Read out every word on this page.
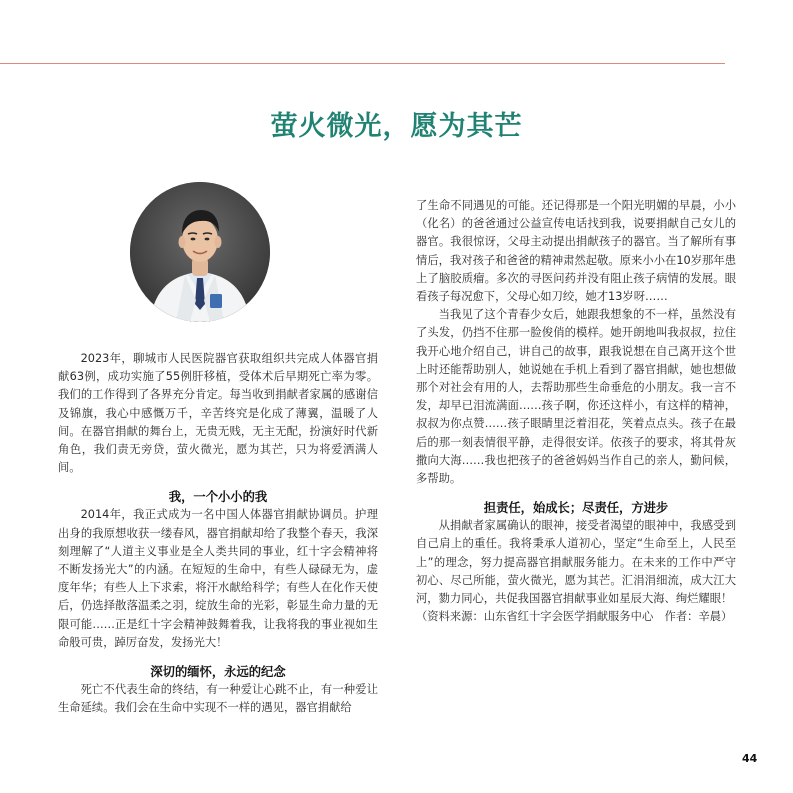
萤火微光，愿为其芒

2023年，聊城市人民医院器官获取组织共完成人体器官捐献63例，成功实施了55例肝移植，受体术后早期死亡率为零。我们的工作得到了各界充分肯定。每当收到捐献者家属的感谢信及锦旗，我心中感慨万千，辛苦终究是化成了薄翼，温暖了人间。在器官捐献的舞台上，无贵无贱，无主无配，扮演好时代新角色，我们责无旁贷，萤火微光，愿为其芒，只为将爱洒满人间。

我，一个小小的我

2014年，我正式成为一名中国人体器官捐献协调员。护理出身的我原想收获一缕春风，器官捐献却给了我整个春天，我深刻理解了“人道主义事业是全人类共同的事业，红十字会精神将不断发扬光大”的内涵。在短短的生命中，有些人碌碌无为，虚度年华；有些人上下求索，将汗水献给科学；有些人在化作天使后，仍选择散落温柔之羽，绽放生命的光彩，彰显生命力量的无限可能……正是红十字会精神鼓舞着我，让我将我的事业视如生命般可贵，踔厉奋发，发扬光大！

深切的缅怀，永远的纪念

死亡不代表生命的终结，有一种爱让心跳不止，有一种爱让生命延续。我们会在生命中实现不一样的遇见，器官捐献给

了生命不同遇见的可能。还记得那是一个阳光明媚的早晨，小小（化名）的爸爸通过公益宣传电话找到我，说要捐献自己女儿的器官。我很惊讶，父母主动提出捐献孩子的器官。当了解所有事情后，我对孩子和爸爸的精神肃然起敬。原来小小在10岁那年患上了脑胶质瘤。多次的寻医问药并没有阻止孩子病情的发展。眼看孩子每况愈下，父母心如刀绞，她才13岁呀……

当我见了这个青春少女后，她跟我想象的不一样，虽然没有了头发，仍挡不住那一脸俊俏的模样。她开朗地叫我叔叔，拉住我开心地介绍自己，讲自己的故事，跟我说想在自己离开这个世上时还能帮助别人，她说她在手机上看到了器官捐献，她也想做那个对社会有用的人，去帮助那些生命垂危的小朋友。我一言不发，却早已泪流满面……孩子啊，你还这样小，有这样的精神，叔叔为你点赞……孩子眼睛里泛着泪花，笑着点点头。孩子在最后的那一刻表情很平静，走得很安详。依孩子的要求，将其骨灰撒向大海……我也把孩子的爸爸妈妈当作自己的亲人，勤问候，多帮助。

担责任，始成长；尽责任，方进步

从捐献者家属确认的眼神，接受者渴望的眼神中，我感受到自己肩上的重任。我将秉承人道初心，坚定“生命至上，人民至上”的理念，努力提高器官捐献服务能力。在未来的工作中严守初心、尽己所能，萤火微光，愿为其芒。汇涓涓细流，成大江大河，勠力同心，共促我国器官捐献事业如星辰大海、绚烂耀眼！

（资料来源：山东省红十字会医学捐献服务中心　作者：辛晨）

44
